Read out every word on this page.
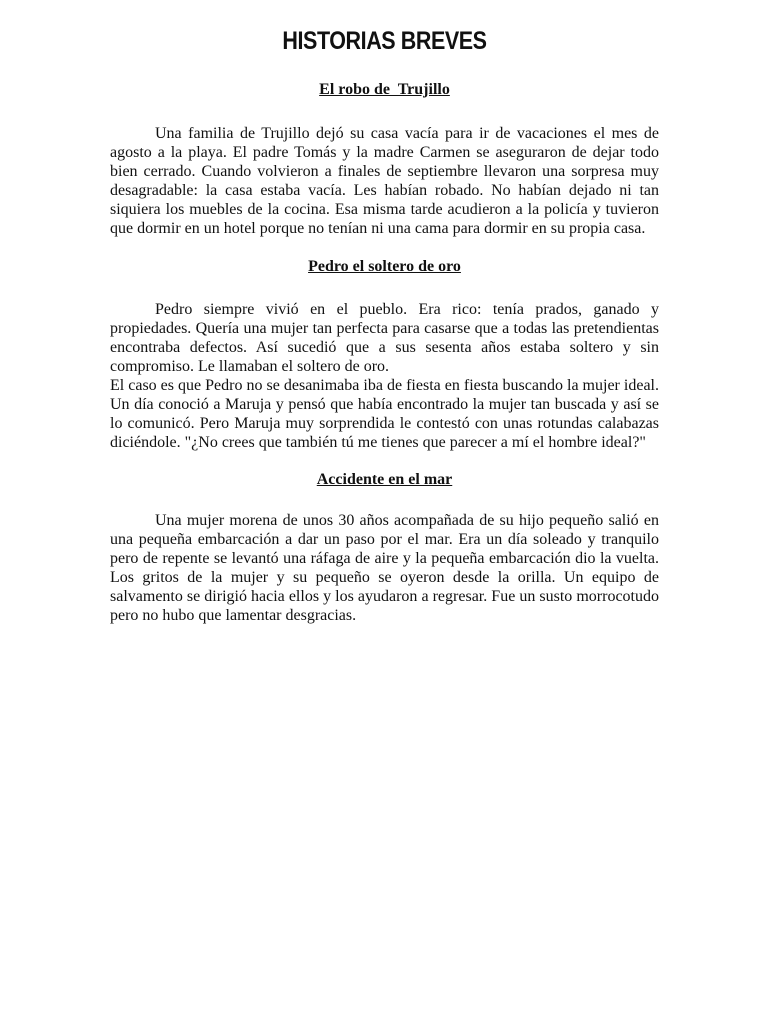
HISTORIAS BREVES
El robo de  Trujillo

Una familia de Trujillo dejó su casa vacía para ir de vacaciones el mes de agosto a la playa. El padre Tomás y la madre Carmen se aseguraron de dejar todo bien cerrado. Cuando volvieron a finales de septiembre llevaron una sorpresa muy desagradable: la casa estaba vacía. Les habían robado. No habían dejado ni tan siquiera los muebles de la cocina. Esa misma tarde acudieron a la policía y tuvieron que dormir en un hotel porque no tenían ni una cama para dormir en su propia casa.

Pedro el soltero de oro

Pedro siempre vivió en el pueblo. Era rico: tenía prados, ganado y propiedades. Quería una mujer tan perfecta para casarse que a todas las pretendientas encontraba defectos. Así sucedió que a sus sesenta años estaba soltero y sin compromiso. Le llamaban el soltero de oro.

El caso es que Pedro no se desanimaba iba de fiesta en fiesta buscando la mujer ideal. Un día conoció a Maruja y pensó que había encontrado la mujer tan buscada y así se lo comunicó. Pero Maruja muy sorprendida le contestó con unas rotundas calabazas diciéndole. "¿No crees que también tú me tienes que parecer a mí el hombre ideal?"

Accidente en el mar

Una mujer morena de unos 30 años acompañada de su hijo pequeño salió en una pequeña embarcación a dar un paso por el mar. Era un día soleado y tranquilo pero de repente se levantó una ráfaga de aire y la pequeña embarcación dio la vuelta. Los gritos de la mujer y su pequeño se oyeron desde la orilla. Un equipo de salvamento se dirigió hacia ellos y los ayudaron a regresar. Fue un susto morrocotudo pero no hubo que lamentar desgracias.
